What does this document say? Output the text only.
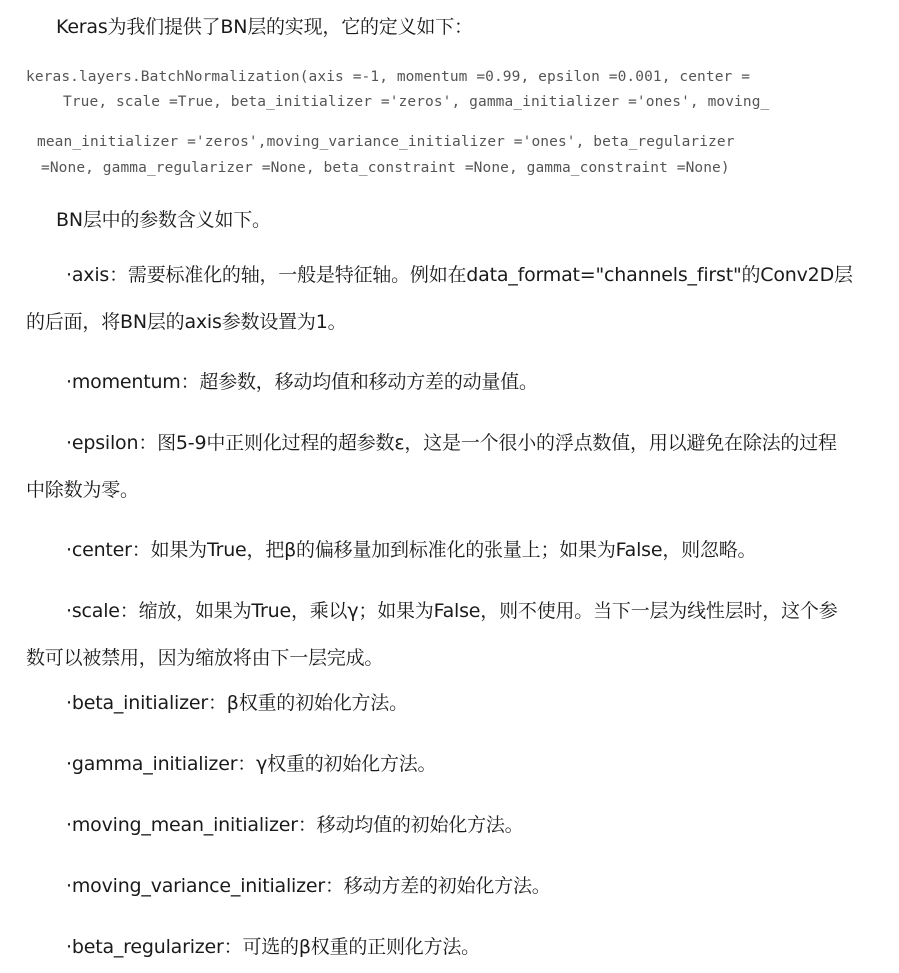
Keras为我们提供了BN层的实现，它的定义如下：
keras.layers.BatchNormalization(axis =-1, momentum =0.99, epsilon =0.001, center =
True, scale =True, beta_initializer ='zeros', gamma_initializer ='ones', moving_
mean_initializer ='zeros',moving_variance_initializer ='ones', beta_regularizer
=None, gamma_regularizer =None, beta_constraint =None, gamma_constraint =None)
BN层中的参数含义如下。
·axis：需要标准化的轴，一般是特征轴。例如在data_format="channels_first"的Conv2D层
的后面，将BN层的axis参数设置为1。
·momentum：超参数，移动均值和移动方差的动量值。
·epsilon：图5-9中正则化过程的超参数ε，这是一个很小的浮点数值，用以避免在除法的过程
中除数为零。
·center：如果为True，把β的偏移量加到标准化的张量上；如果为False，则忽略。
·scale：缩放，如果为True，乘以γ；如果为False，则不使用。当下一层为线性层时，这个参
数可以被禁用，因为缩放将由下一层完成。
·beta_initializer：β权重的初始化方法。
·gamma_initializer：γ权重的初始化方法。
·moving_mean_initializer：移动均值的初始化方法。
·moving_variance_initializer：移动方差的初始化方法。
·beta_regularizer：可选的β权重的正则化方法。
